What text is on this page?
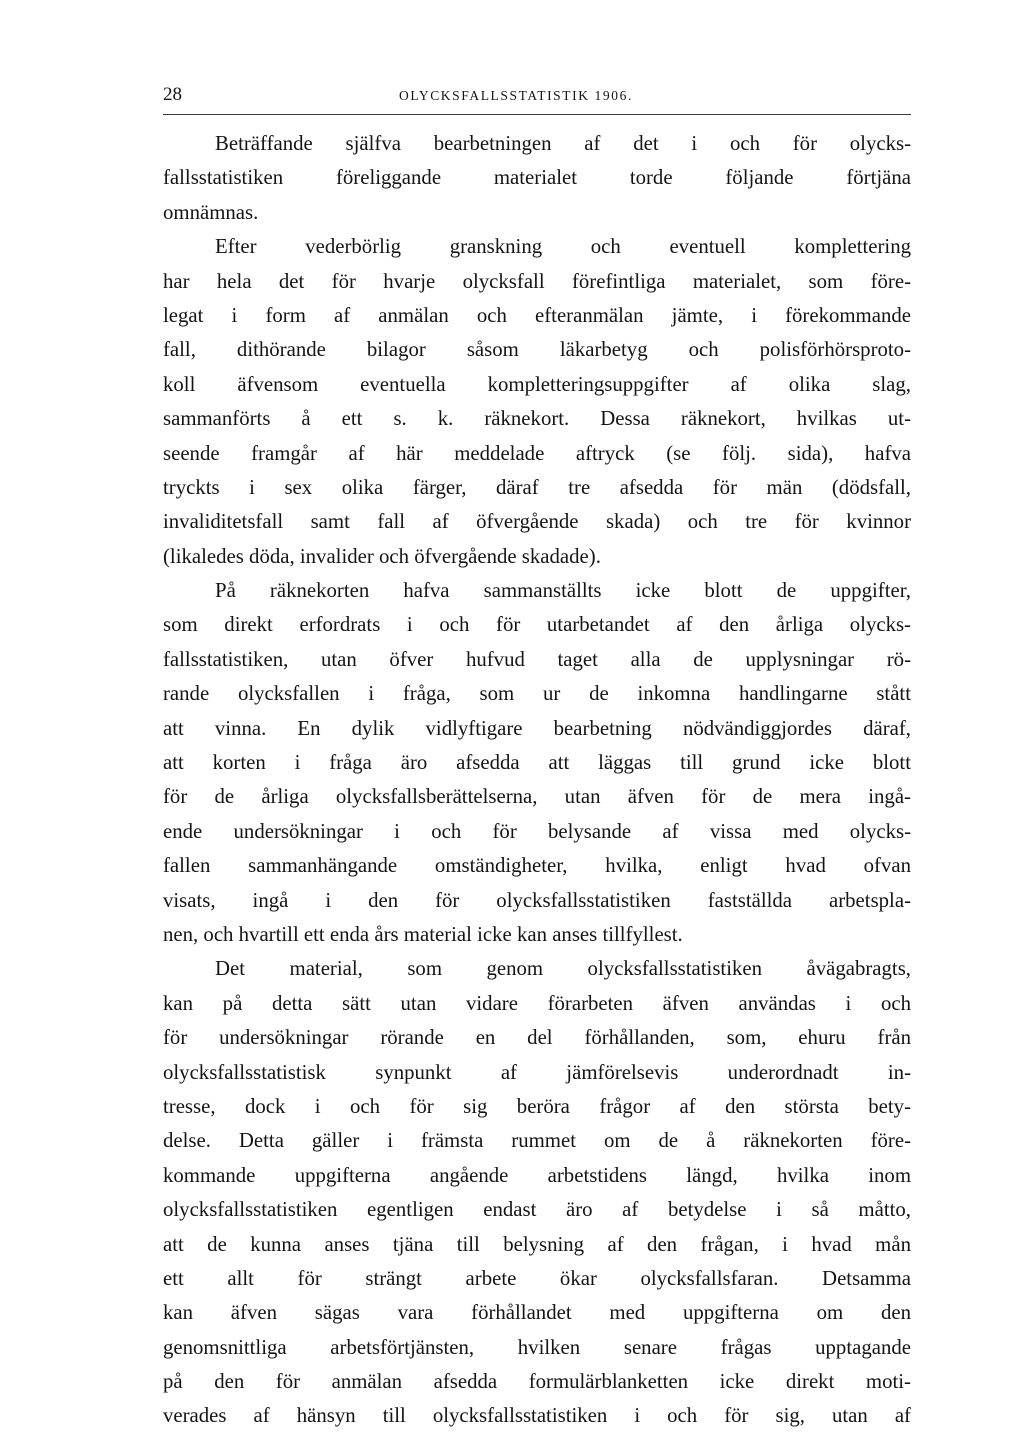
28	OLYCKSFALLSSTATISTIK 1906.
Beträffande själfva bearbetningen af det i och för olycks-
fallsstatistiken föreliggande materialet torde följande förtjäna
omnämnas.
Efter vederbörlig granskning och eventuell komplettering
har hela det för hvarje olycksfall förefintliga materialet, som före-
legat i form af anmälan och efteranmälan jämte, i förekommande
fall, dithörande bilagor såsom läkarbetyg och polisförhörsproto-
koll äfvensom eventuella kompletteringsuppgifter af olika slag,
sammanförts å ett s. k. räknekort. Dessa räknekort, hvilkas ut-
seende framgår af här meddelade aftryck (se följ. sida), hafva
tryckts i sex olika färger, däraf tre afsedda för män (dödsfall,
invaliditetsfall samt fall af öfvergående skada) och tre för kvinnor
(likaledes döda, invalider och öfvergående skadade).
På räknekorten hafva sammanställts icke blott de uppgifter,
som direkt erfordrats i och för utarbetandet af den årliga olycks-
fallsstatistiken, utan öfver hufvud taget alla de upplysningar rö-
rande olycksfallen i fråga, som ur de inkomna handlingarne stått
att vinna. En dylik vidlyftigare bearbetning nödvändiggjordes däraf,
att korten i fråga äro afsedda att läggas till grund icke blott
för de årliga olycksfallsberättelserna, utan äfven för de mera ingå-
ende undersökningar i och för belysande af vissa med olycks-
fallen sammanhängande omständigheter, hvilka, enligt hvad ofvan
visats, ingå i den för olycksfallsstatistiken fastställda arbetspla-
nen, och hvartill ett enda års material icke kan anses tillfyllest.
Det material, som genom olycksfallsstatistiken åvägabragts,
kan på detta sätt utan vidare förarbeten äfven användas i och
för undersökningar rörande en del förhållanden, som, ehuru från
olycksfallsstatistisk synpunkt af jämförelsevis underordnadt in-
tresse, dock i och för sig beröra frågor af den största bety-
delse. Detta gäller i främsta rummet om de å räknekorten före-
kommande uppgifterna angående arbetstidens längd, hvilka inom
olycksfallsstatistiken egentligen endast äro af betydelse i så måtto,
att de kunna anses tjäna till belysning af den frågan, i hvad mån
ett allt för strängt arbete ökar olycksfallsfaran. Detsamma
kan äfven sägas vara förhållandet med uppgifterna om den
genomsnittliga arbetsförtjänsten, hvilken senare frågas upptagande
på den för anmälan afsedda formulärblanketten icke direkt moti-
verades af hänsyn till olycksfallsstatistiken i och för sig, utan af
